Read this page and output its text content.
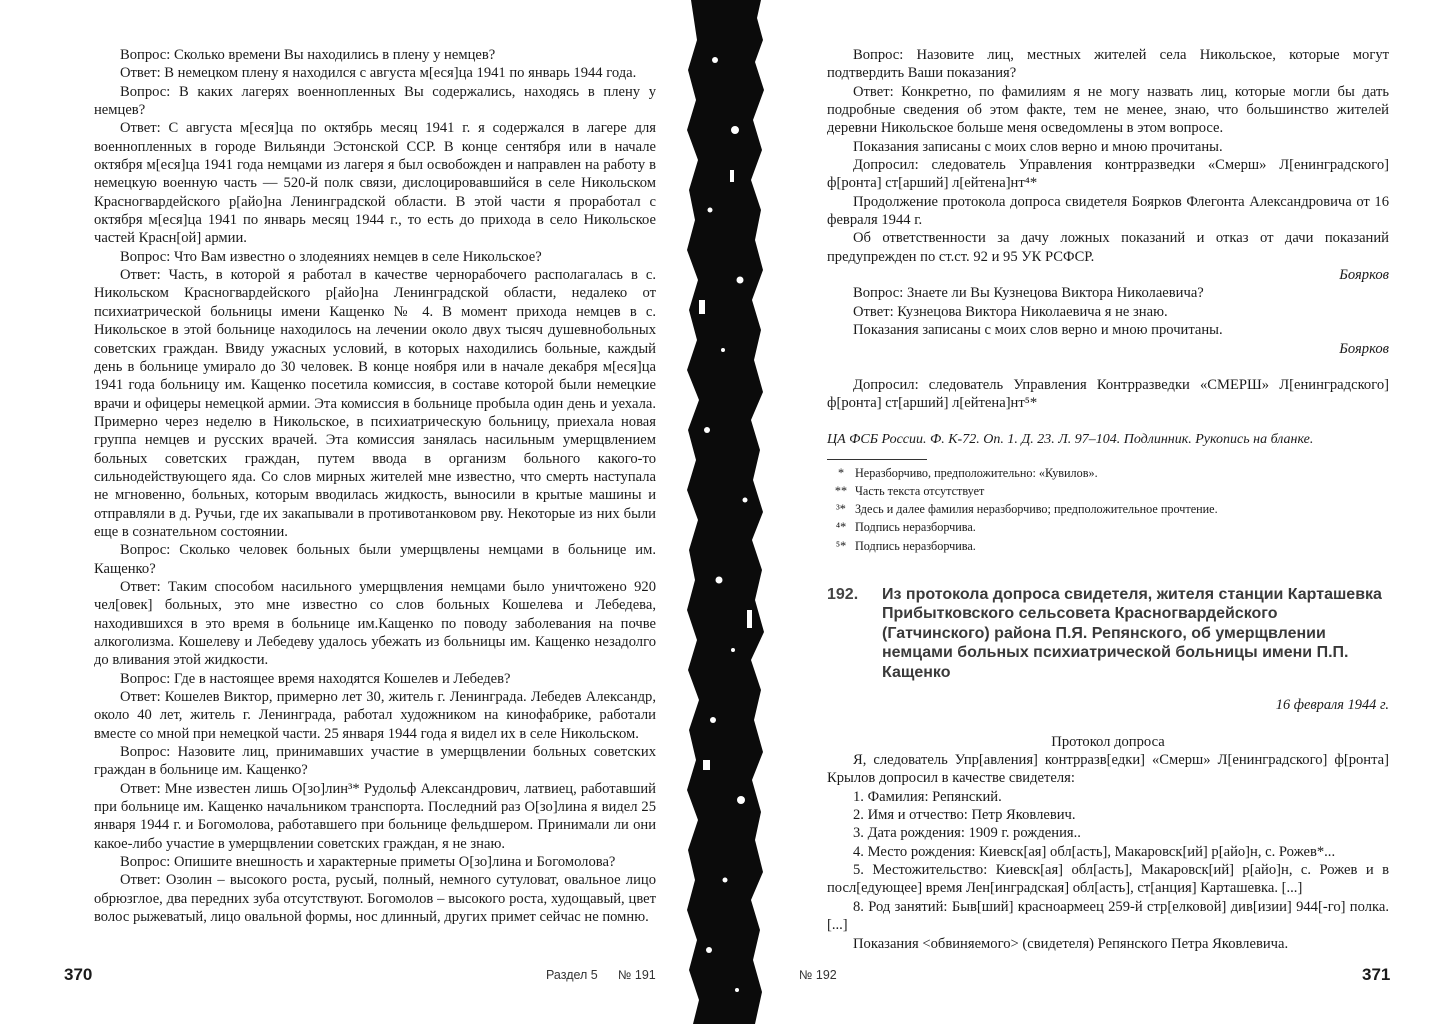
Вопрос: Сколько времени Вы находились в плену у немцев?

Ответ: В немецком плену я находился с августа м[еся]ца 1941 по январь 1944 года.

Вопрос: В каких лагерях военнопленных Вы содержались, находясь в плену у немцев?

Ответ: С августа м[еся]ца по октябрь месяц 1941 г. я содержался в лагере для военнопленных в городе Вильянди Эстонской ССР. В конце сентября или в начале октября м[еся]ца 1941 года немцами из лагеря я был освобожден и направлен на работу в немецкую военную часть — 520-й полк связи, дислоцировавшийся в селе Никольском Красногвардейского р[айо]на Ленинградской области. В этой части я проработал с октября м[еся]ца 1941 по январь месяц 1944 г., то есть до прихода в село Никольское частей Красн[ой] армии.

Вопрос: Что Вам известно о злодеяниях немцев в селе Никольское?

Ответ: Часть, в которой я работал в качестве чернорабочего располагалась в с. Никольском Красногвардейского р[айо]на Ленинградской области, недалеко от психиатрической больницы имени Кащенко № 4. В момент прихода немцев в с. Никольское в этой больнице находилось на лечении около двух тысяч душевнобольных советских граждан. Ввиду ужасных условий, в которых находились больные, каждый день в больнице умирало до 30 человек. В конце ноября или в начале декабря м[еся]ца 1941 года больницу им. Кащенко посетила комиссия, в составе которой были немецкие врачи и офицеры немецкой армии. Эта комиссия в больнице пробыла один день и уехала. Примерно через неделю в Никольское, в психиатрическую больницу, приехала новая группа немцев и русских врачей. Эта комиссия занялась насильным умерщвлением больных советских граждан, путем ввода в организм больного какого-то сильнодействующего яда. Со слов мирных жителей мне известно, что смерть наступала не мгновенно, больных, которым вводилась жидкость, выносили в крытые машины и отправляли в д. Ручьи, где их закапывали в противотанковом рву. Некоторые из них были еще в сознательном состоянии.

Вопрос: Сколько человек больных были умерщвлены немцами в больнице им. Кащенко?

Ответ: Таким способом насильного умерщвления немцами было уничтожено 920 чел[овек] больных, это мне известно со слов больных Кошелева и Лебедева, находившихся в это время в больнице им.Кащенко по поводу заболевания на почве алкоголизма. Кошелеву и Лебедеву удалось убежать из больницы им. Кащенко незадолго до вливания этой жидкости.

Вопрос: Где в настоящее время находятся Кошелев и Лебедев?

Ответ: Кошелев Виктор, примерно лет 30, житель г. Ленинграда. Лебедев Александр, около 40 лет, житель г. Ленинграда, работал художником на кинофабрике, работали вместе со мной при немецкой части. 25 января 1944 года я видел их в селе Никольском.

Вопрос: Назовите лиц, принимавших участие в умерщвлении больных советских граждан в больнице им. Кащенко?

Ответ: Мне известен лишь О[зо]лин³* Рудольф Александрович, латвиец, работавший при больнице им. Кащенко начальником транспорта. Последний раз О[зо]лина я видел 25 января 1944 г. и Богомолова, работавшего при больнице фельдшером. Принимали ли они какое-либо участие в умерщвлении советских граждан, я не знаю.

Вопрос: Опишите внешность и характерные приметы О[зо]лина и Богомолова?

Ответ: Озолин – высокого роста, русый, полный, немного сутуловат, овальное лицо обрюзглое, два передних зуба отсутствуют. Богомолов – высокого роста, худощавый, цвет волос рыжеватый, лицо овальной формы, нос длинный, других примет сейчас не помню.

370	Раздел 5 № 191

Вопрос: Назовите лиц, местных жителей села Никольское, которые могут подтвердить Ваши показания?

Ответ: Конкретно, по фамилиям я не могу назвать лиц, которые могли бы дать подробные сведения об этом факте, тем не менее, знаю, что большинство жителей деревни Никольское больше меня осведомлены в этом вопросе.

Показания записаны с моих слов верно и мною прочитаны.

Допросил: следователь Управления контрразведки «Смерш» Л[енинградского] ф[ронта] ст[арший] л[ейтена]нт⁴*

Продолжение протокола допроса свидетеля Боярков Флегонта Александровича от 16 февраля 1944 г.

Об ответственности за дачу ложных показаний и отказ от дачи показаний предупрежден по ст.ст. 92 и 95 УК РСФСР.

Боярков

Вопрос: Знаете ли Вы Кузнецова Виктора Николаевича?

Ответ: Кузнецова Виктора Николаевича я не знаю.

Показания записаны с моих слов верно и мною прочитаны.

Боярков

Допросил: следователь Управления Контрразведки «СМЕРШ» Л[енинградского] ф[ронта] ст[арший] л[ейтена]нт⁵*

ЦА ФСБ России. Ф. К-72. Оп. 1. Д. 23. Л. 97–104. Подлинник. Рукопись на бланке.

* Неразборчиво, предположительно: «Кувилов».
** Часть текста отсутствует
³* Здесь и далее фамилия неразборчиво; предположительное прочтение.
⁴* Подпись неразборчива.
⁵* Подпись неразборчива.
192.	Из протокола допроса свидетеля, жителя станции Карташевка Прибытковского сельсовета Красногвардейского (Гатчинского) района П.Я. Репянского, об умерщвлении немцами больных психиатрической больницы имени П.П. Кащенко
16 февраля 1944 г.
Протокол допроса

Я, следователь Упр[авления] контрразв[едки] «Смерш» Л[енинградского] ф[ронта] Крылов допросил в качестве свидетеля:

1. Фамилия: Репянский.

2. Имя и отчество: Петр Яковлевич.

3. Дата рождения: 1909 г. рождения..

4. Место рождения: Киевск[ая] обл[асть], Макаровск[ий] р[айо]н, с. Рожев*...

5. Местожительство: Киевск[ая] обл[асть], Макаровск[ий] р[айо]н, с. Рожев и в посл[едующее] время Лен[инградская] обл[асть], ст[анция] Карташевка. [...]

8. Род занятий: Быв[ший] красноармеец 259-й стр[елковой] див[изии] 944[-го] полка. [...]

Показания <обвиняемого> (свидетеля) Репянского Петра Яковлевича.

№ 192	371
